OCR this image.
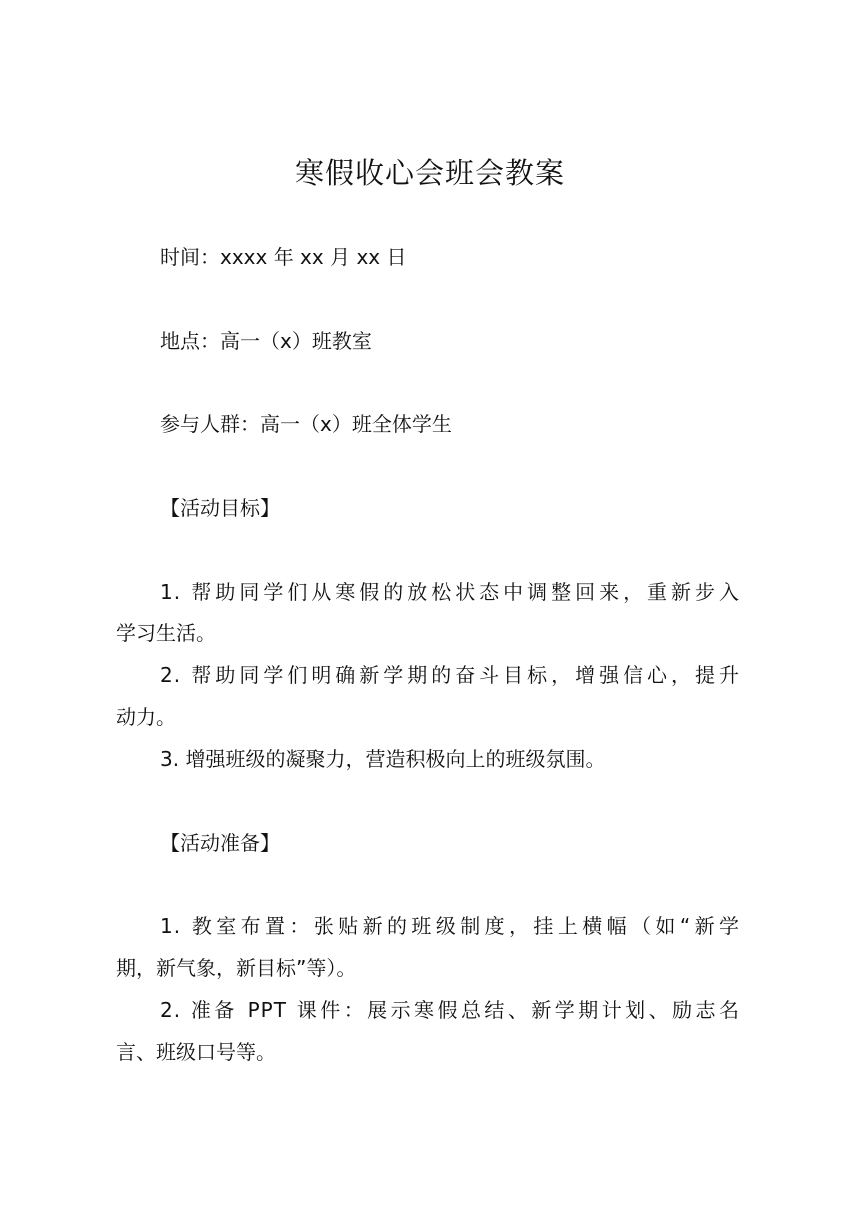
寒假收心会班会教案
时间：xxxx 年 xx 月 xx 日
地点：高一（x）班教室
参与人群：高一（x）班全体学生
【活动目标】
1. 帮助同学们从寒假的放松状态中调整回来，重新步入
学习生活。
2. 帮助同学们明确新学期的奋斗目标，增强信心，提升
动力。
3. 增强班级的凝聚力，营造积极向上的班级氛围。
【活动准备】
1. 教室布置：张贴新的班级制度，挂上横幅（如“新学
期，新气象，新目标”等）。
2. 准备 PPT 课件：展示寒假总结、新学期计划、励志名
言、班级口号等。
